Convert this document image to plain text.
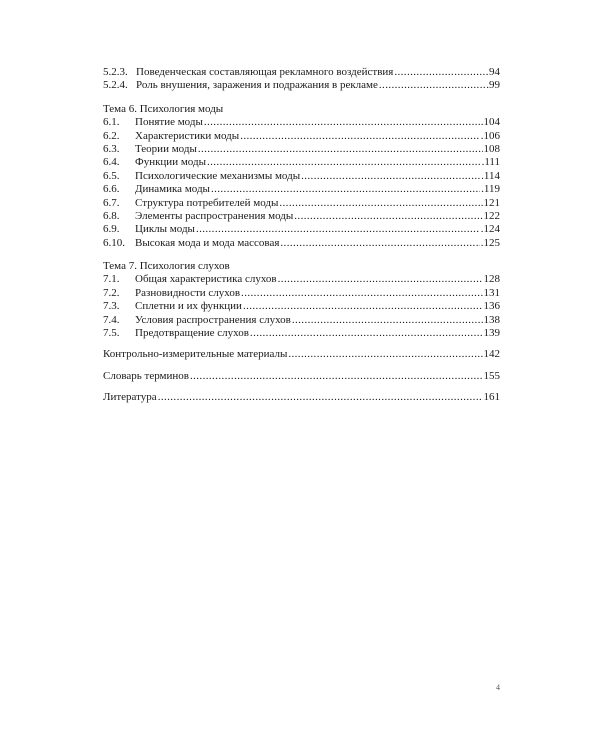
5.2.3. Поведенческая составляющая рекламного воздействия .....	94
5.2.4. Роль внушения, заражения и подражания в рекламе .....	.99
Тема 6. Психология моды
6.1.	Понятие моды .....	.104
6.2.	Характеристики моды .....	.106
6.3.	Теории моды .....	108
6.4.	Функции моды .....	.111
6.5.	Психологические механизмы моды .....	.114
6.6.	Динамика моды .....	.119
6.7.	Структура потребителей моды .....	.121
6.8.	Элементы распространения моды .....	122
6.9.	Циклы моды .....	.124
6.10. Высокая мода и мода массовая .....	.125
Тема 7. Психология слухов
7.1.	Общая характеристика слухов .....	128
7.2.	Разновидности слухов .....	131
7.3.	Сплетни и их функции .....	136
7.4.	Условия распространения слухов .....	138
7.5.	Предотвращение слухов .....	139
Контрольно-измерительные материалы .....	142
Словарь терминов .....	155
Литература .....	161
4
